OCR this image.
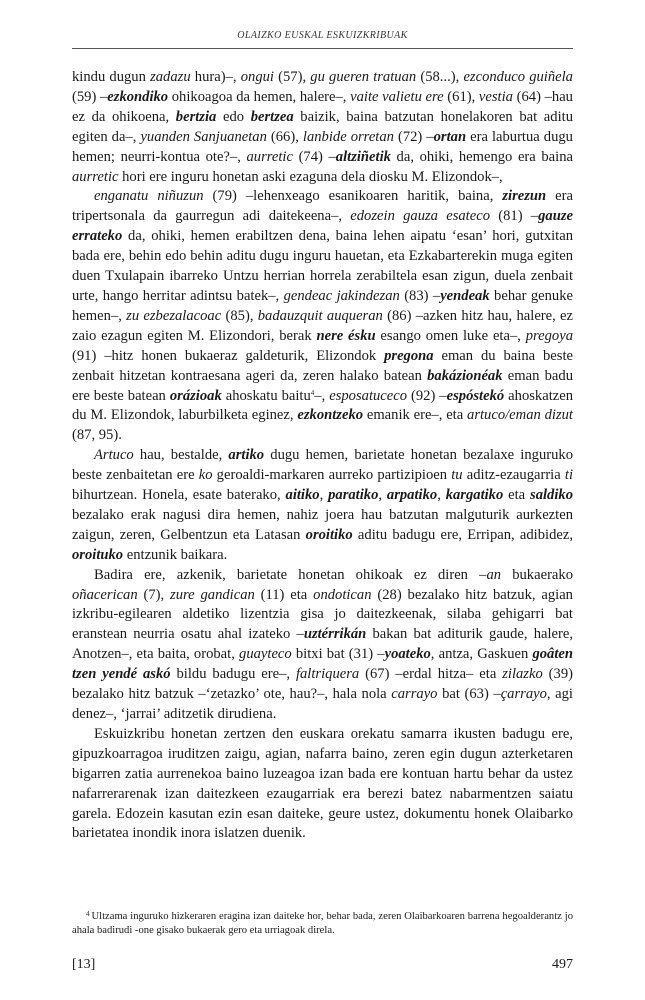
OLAIZKO EUSKAL ESKUIZKRIBUAK

kindu dugun zadazu hura)–, ongui (57), gu gueren tratuan (58...), ezconduco guiñela (59) –ezkondiko ohikoagoa da hemen, halere–, vaite valietu ere (61), vestia (64) –hau ez da ohikoena, bertzia edo bertzea baizik, baina batzutan honelakoren bat aditu egiten da–, yuanden Sanjuanetan (66), lanbide orretan (72) –ortan era laburtua dugu hemen; neurri-kontua ote?–, aurretic (74) –altziñetik da, ohiki, hemengo era baina aurretic hori ere inguru honetan aski ezaguna dela diosku M. Elizondok–,

enganatu niñuzun (79) –lehenxeago esanikoaren haritik, baina, zirezun era tripertsonala da gaurregun adi daitekeena–, edozein gauza esateco (81) –gauze errateko da, ohiki, hemen erabiltzen dena, baina lehen aipatu ‘esan’ hori, gutxitan bada ere, behin edo behin aditu dugu inguru hauetan, eta Ezkabarterekin muga egiten duen Txulapain ibarreko Untzu herrian horrela zerabiltela esan zigun, duela zenbait urte, hango herritar adintsu batek–, gendeac jakindezan (83) –yendeak behar genuke hemen–, zu ezbezalacoac (85), badauzquit auqueran (86) –azken hitz hau, halere, ez zaio ezagun egiten M. Elizondori, berak nere ésku esango omen luke eta–, pregoya (91) –hitz honen bukaeraz galdeturik, Elizondok pregona eman du baina beste zenbait hitzetan kontraesana ageri da, zeren halako batean bakázionéak eman badu ere beste batean orázioak ahoskatu baitu$^4$–, esposatuceco (92) –espóstekó ahoskatzen du M. Elizondok, laburbilketa eginez, ezkontzeko emanik ere–, eta artuco/eman dizut (87, 95).

Artuco hau, bestalde, artiko dugu hemen, barietate honetan bezalaxe inguruko beste zenbaitetan ere ko geroaldi-markaren aurreko partizipioen tu aditz-ezaugarria ti bihurtzean. Honela, esate baterako, aitiko, paratiko, arpatiko, kargatiko eta saldiko bezalako erak nagusi dira hemen, nahiz joera hau batzutan malguturik aurkezten zaigun, zeren, Gelbentzun eta Latasan oroitiko aditu badugu ere, Erripan, adibidez, oroituko entzunik baikara.

Badira ere, azkenik, barietate honetan ohikoak ez diren –an bukaerako oñacerican (7), zure gandican (11) eta ondotican (28) bezalako hitz batzuk, agian izkribu-egilearen aldetiko lizentzia gisa jo daitezkeenak, silaba gehigarri bat eranstean neurria osatu ahal izateko –uztérrikán bakan bat aditurik gaude, halere, Anotzen–, eta baita, orobat, guayteco bitxi bat (31) –yoateko, antza, Gaskuen goâten tzen yendé askó bildu badugu ere–, faltriquera (67) –erdal hitza– eta zilazko (39) bezalako hitz batzuk –‘zetazko’ ote, hau?–, hala nola carrayo bat (63) –çarrayo, agi denez–, ‘jarrai’ aditzetik dirudiena.

Eskuizkribu honetan zertzen den euskara orekatu samarra ikusten badugu ere, gipuzkoarragoa iruditzen zaigu, agian, nafarra baino, zeren egin dugun azterketaren bigarren zatia aurrenekoa baino luzeagoa izan bada ere kontuan hartu behar da ustez nafarrerarenak izan daitezkeen ezaugarriak era berezi batez nabarmentzen saiatu garela. Edozein kasutan ezin esan daiteke, geure ustez, dokumentu honek Olaibarko barietatea inondik inora islatzen duenik.

$^4$ Ultzama inguruko hizkeraren eragina izan daiteke hor, behar bada, zeren Olaibarkoaren barrena hegoalderantz jo ahala badirudi -one gisako bukaerak gero eta urriagoak direla.
[13]	497
